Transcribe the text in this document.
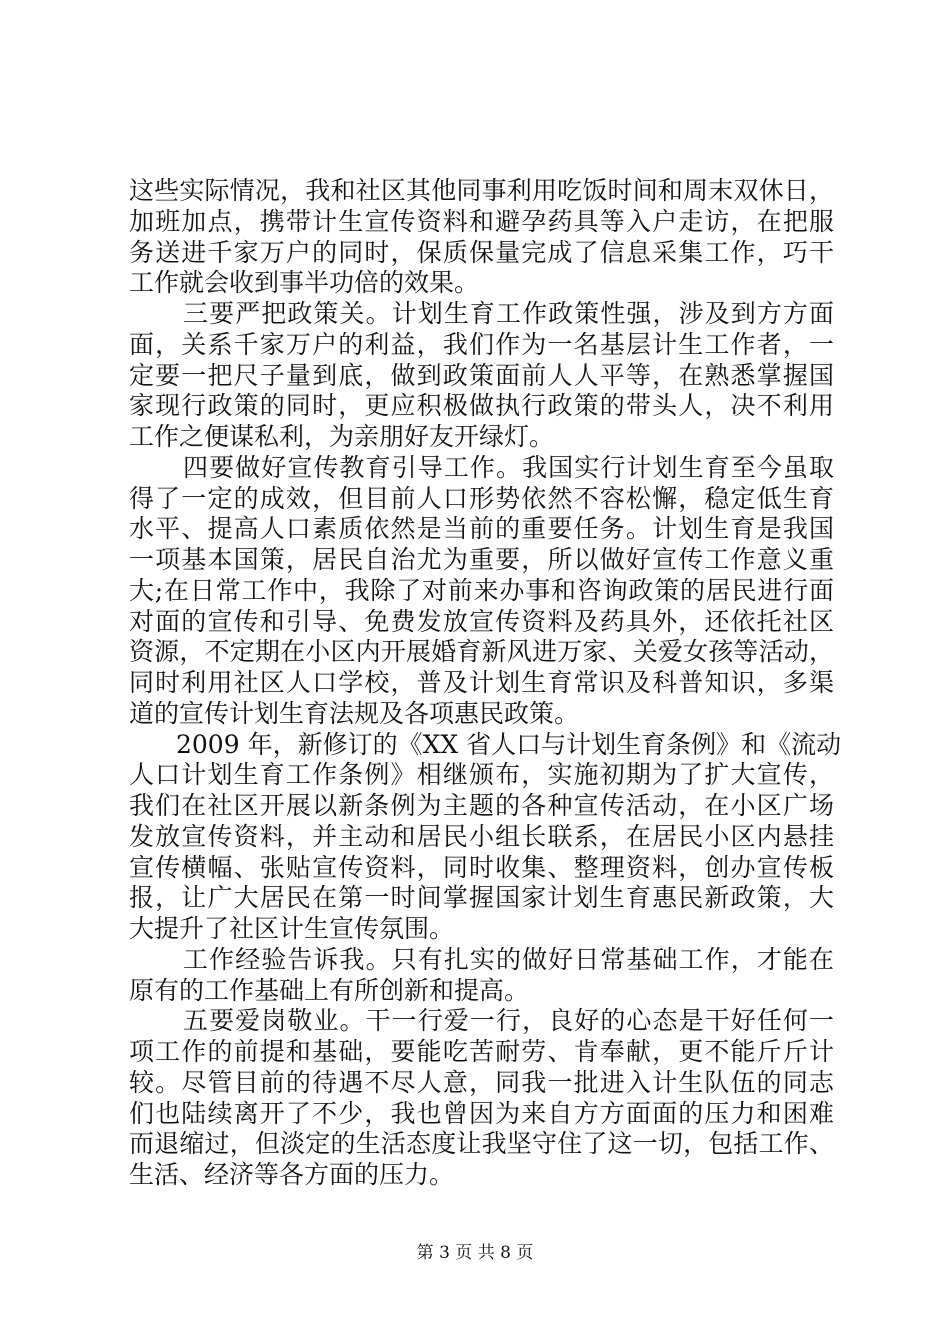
这些实际情况，我和社区其他同事利用吃饭时间和周末双休日，
加班加点，携带计生宣传资料和避孕药具等入户走访，在把服
务送进千家万户的同时，保质保量完成了信息采集工作，巧干
工作就会收到事半功倍的效果。
三要严把政策关。计划生育工作政策性强，涉及到方方面
面，关系千家万户的利益，我们作为一名基层计生工作者，一
定要一把尺子量到底，做到政策面前人人平等，在熟悉掌握国
家现行政策的同时，更应积极做执行政策的带头人，决不利用
工作之便谋私利，为亲朋好友开绿灯。
四要做好宣传教育引导工作。我国实行计划生育至今虽取
得了一定的成效，但目前人口形势依然不容松懈，稳定低生育
水平、提高人口素质依然是当前的重要任务。计划生育是我国
一项基本国策，居民自治尤为重要，所以做好宣传工作意义重
大;在日常工作中，我除了对前来办事和咨询政策的居民进行面
对面的宣传和引导、免费发放宣传资料及药具外，还依托社区
资源，不定期在小区内开展婚育新风进万家、关爱女孩等活动，
同时利用社区人口学校，普及计划生育常识及科普知识，多渠
道的宣传计划生育法规及各项惠民政策。
2009 年，新修订的《XX 省人口与计划生育条例》和《流动
人口计划生育工作条例》相继颁布，实施初期为了扩大宣传，
我们在社区开展以新条例为主题的各种宣传活动，在小区广场
发放宣传资料，并主动和居民小组长联系，在居民小区内悬挂
宣传横幅、张贴宣传资料，同时收集、整理资料，创办宣传板
报，让广大居民在第一时间掌握国家计划生育惠民新政策，大
大提升了社区计生宣传氛围。
工作经验告诉我。只有扎实的做好日常基础工作，才能在
原有的工作基础上有所创新和提高。
五要爱岗敬业。干一行爱一行，良好的心态是干好任何一
项工作的前提和基础，要能吃苦耐劳、肯奉献，更不能斤斤计
较。尽管目前的待遇不尽人意，同我一批进入计生队伍的同志
们也陆续离开了不少，我也曾因为来自方方面面的压力和困难
而退缩过，但淡定的生活态度让我坚守住了这一切，包括工作、
生活、经济等各方面的压力。
第 3 页 共 8 页
